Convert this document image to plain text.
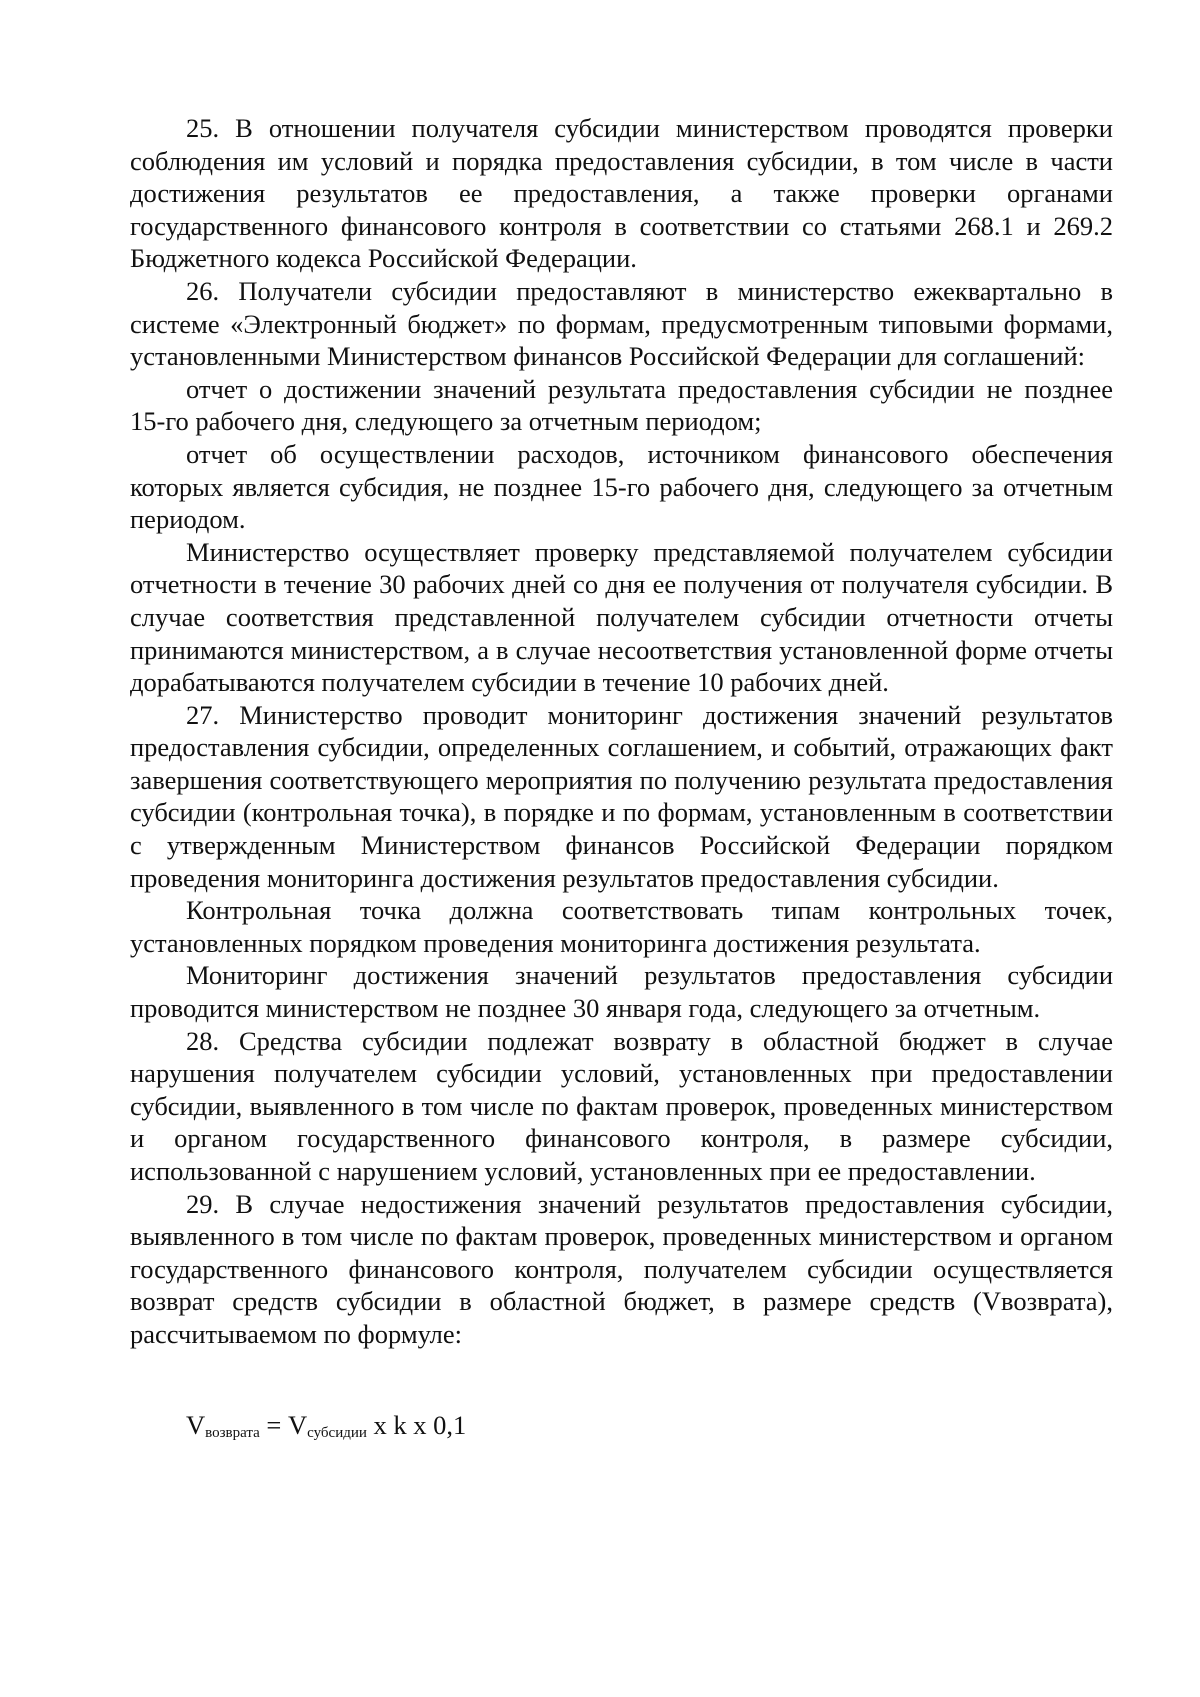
25. В отношении получателя субсидии министерством проводятся проверки соблюдения им условий и порядка предоставления субсидии, в том числе в части достижения результатов ее предоставления, а также проверки органами государственного финансового контроля в соответствии со статьями 268.1 и 269.2 Бюджетного кодекса Российской Федерации.

26. Получатели субсидии предоставляют в министерство ежеквартально в системе «Электронный бюджет» по формам, предусмотренным типовыми формами, установленными Министерством финансов Российской Федерации для соглашений:

отчет о достижении значений результата предоставления субсидии не позднее 15-го рабочего дня, следующего за отчетным периодом;

отчет об осуществлении расходов, источником финансового обеспечения которых является субсидия, не позднее 15-го рабочего дня, следующего за отчетным периодом.

Министерство осуществляет проверку представляемой получателем субсидии отчетности в течение 30 рабочих дней со дня ее получения от получателя субсидии. В случае соответствия представленной получателем субсидии отчетности отчеты принимаются министерством, а в случае несоответствия установленной форме отчеты дорабатываются получателем субсидии в течение 10 рабочих дней.

27. Министерство проводит мониторинг достижения значений результатов предоставления субсидии, определенных соглашением, и событий, отражающих факт завершения соответствующего мероприятия по получению результата предоставления субсидии (контрольная точка), в порядке и по формам, установленным в соответствии с утвержденным Министерством финансов Российской Федерации порядком проведения мониторинга достижения результатов предоставления субсидии.

Контрольная точка должна соответствовать типам контрольных точек, установленных порядком проведения мониторинга достижения результата.

Мониторинг достижения значений результатов предоставления субсидии проводится министерством не позднее 30 января года, следующего за отчетным.

28. Средства субсидии подлежат возврату в областной бюджет в случае нарушения получателем субсидии условий, установленных при предоставлении субсидии, выявленного в том числе по фактам проверок, проведенных министерством и органом государственного финансового контроля, в размере субсидии, использованной с нарушением условий, установленных при ее предоставлении.

29. В случае недостижения значений результатов предоставления субсидии, выявленного в том числе по фактам проверок, проведенных министерством и органом государственного финансового контроля, получателем субсидии осуществляется возврат средств субсидии в областной бюджет, в размере средств (Vвозврата), рассчитываемом по формуле:

$V_{возврата} = V_{субсидии}$ x k x 0,1
